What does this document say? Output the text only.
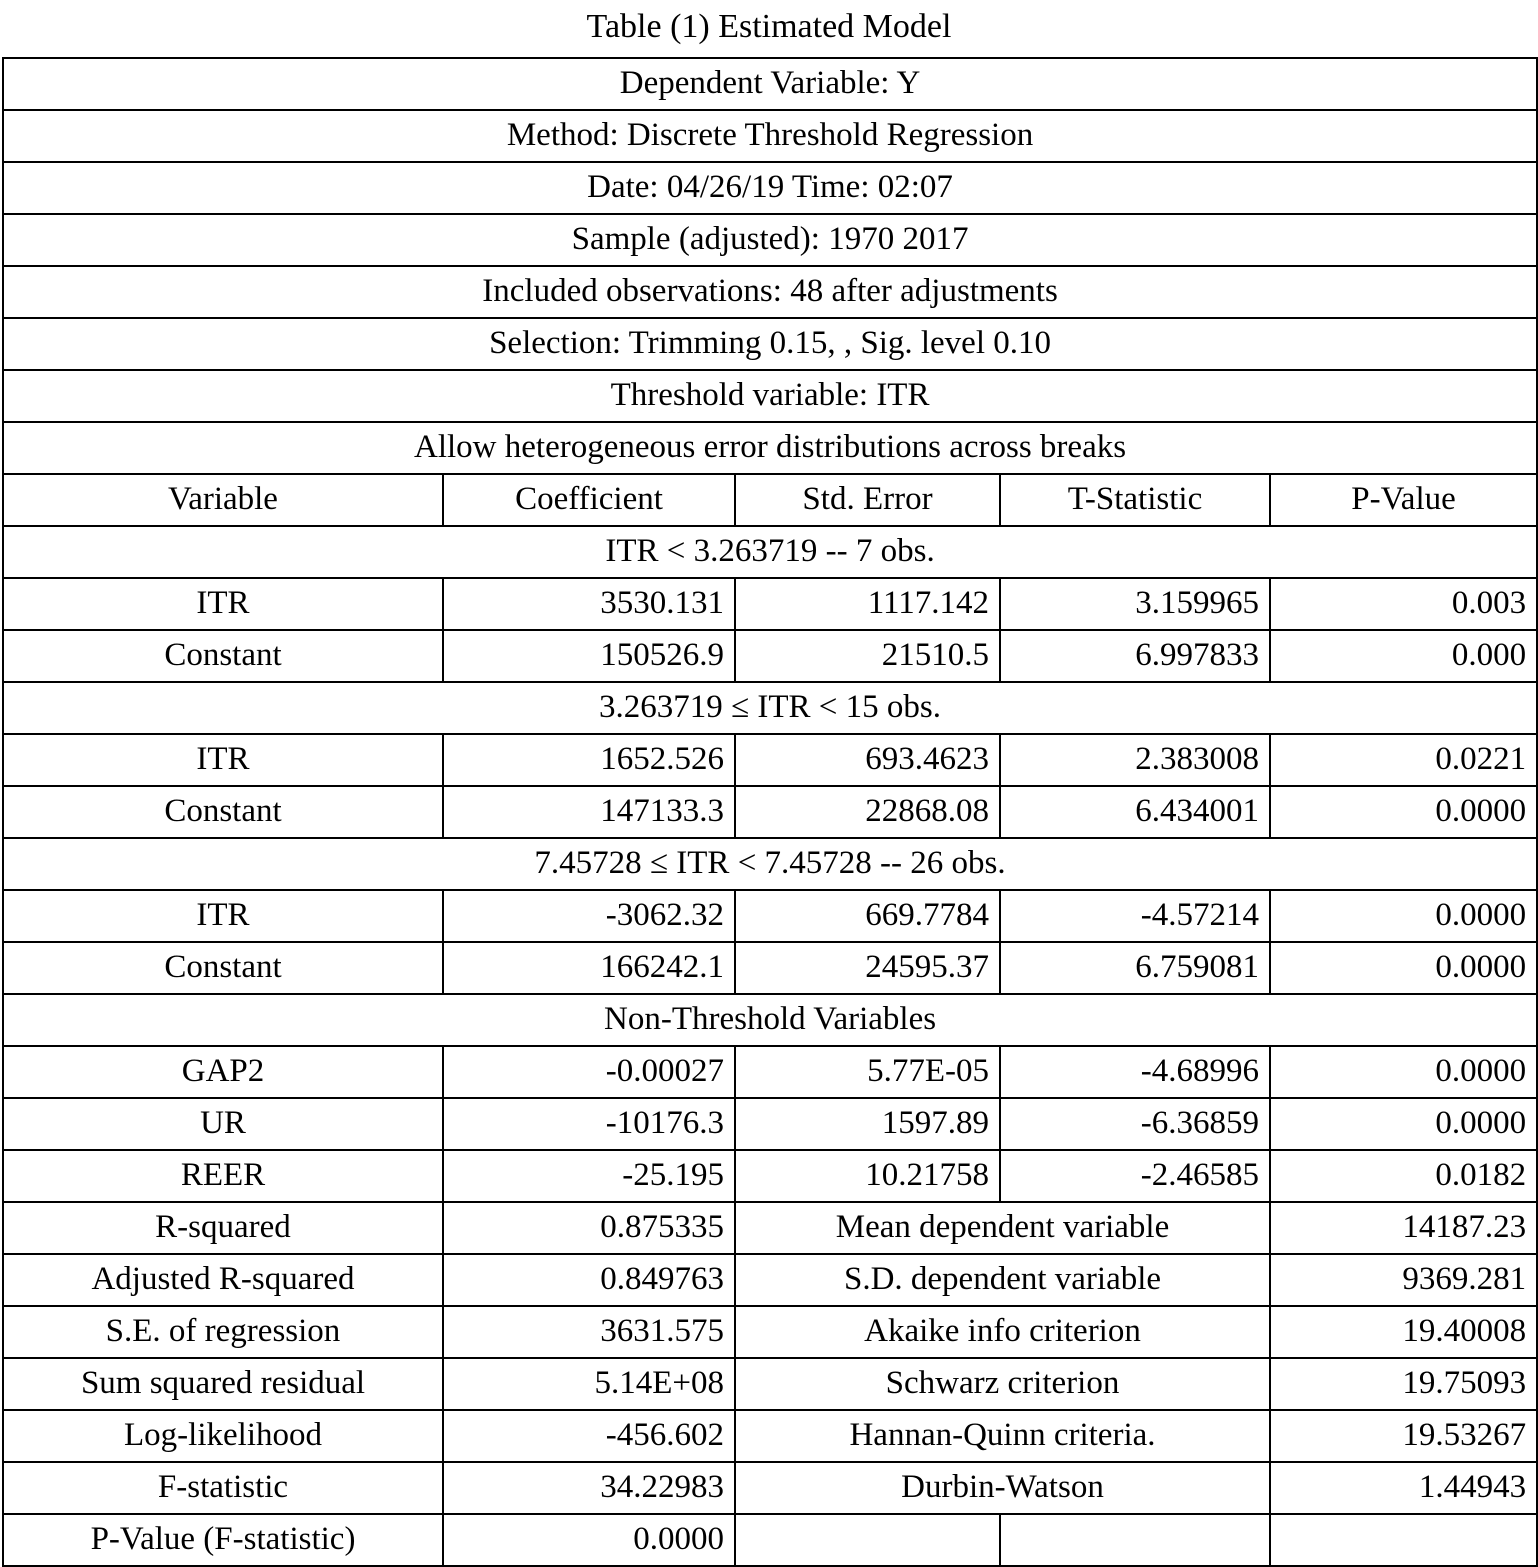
Table (1) Estimated Model
Dependent Variable: Y				
Method: Discrete Threshold Regression				
Date: 04/26/19 Time: 02:07				
Sample (adjusted): 1970 2017				
Included observations: 48 after adjustments				
Selection: Trimming 0.15, , Sig. level 0.10				
Threshold variable: ITR				
Allow heterogeneous error distributions across breaks				
Variable	Coefficient	Std. Error	T-Statistic	P-Value
ITR < 3.263719 -- 7 obs.				
ITR	3530.131	1117.142	3.159965	0.003
Constant	150526.9	21510.5	6.997833	0.000
3.263719 ≤ ITR < 15 obs.				
ITR	1652.526	693.4623	2.383008	0.0221
Constant	147133.3	22868.08	6.434001	0.0000
7.45728 ≤ ITR < 7.45728 -- 26 obs.				
ITR	-3062.32	669.7784	-4.57214	0.0000
Constant	166242.1	24595.37	6.759081	0.0000
Non-Threshold Variables				
GAP2	-0.00027	5.77E-05	-4.68996	0.0000
UR	-10176.3	1597.89	-6.36859	0.0000
REER	-25.195	10.21758	-2.46585	0.0182
R-squared	0.875335	Mean dependent variable		14187.23
Adjusted R-squared	0.849763	S.D. dependent variable		9369.281
S.E. of regression	3631.575	Akaike info criterion		19.40008
Sum squared residual	5.14E+08	Schwarz criterion		19.75093
Log-likelihood	-456.602	Hannan-Quinn criteria.		19.53267
F-statistic	34.22983	Durbin-Watson		1.44943
P-Value (F-statistic)	0.0000			
